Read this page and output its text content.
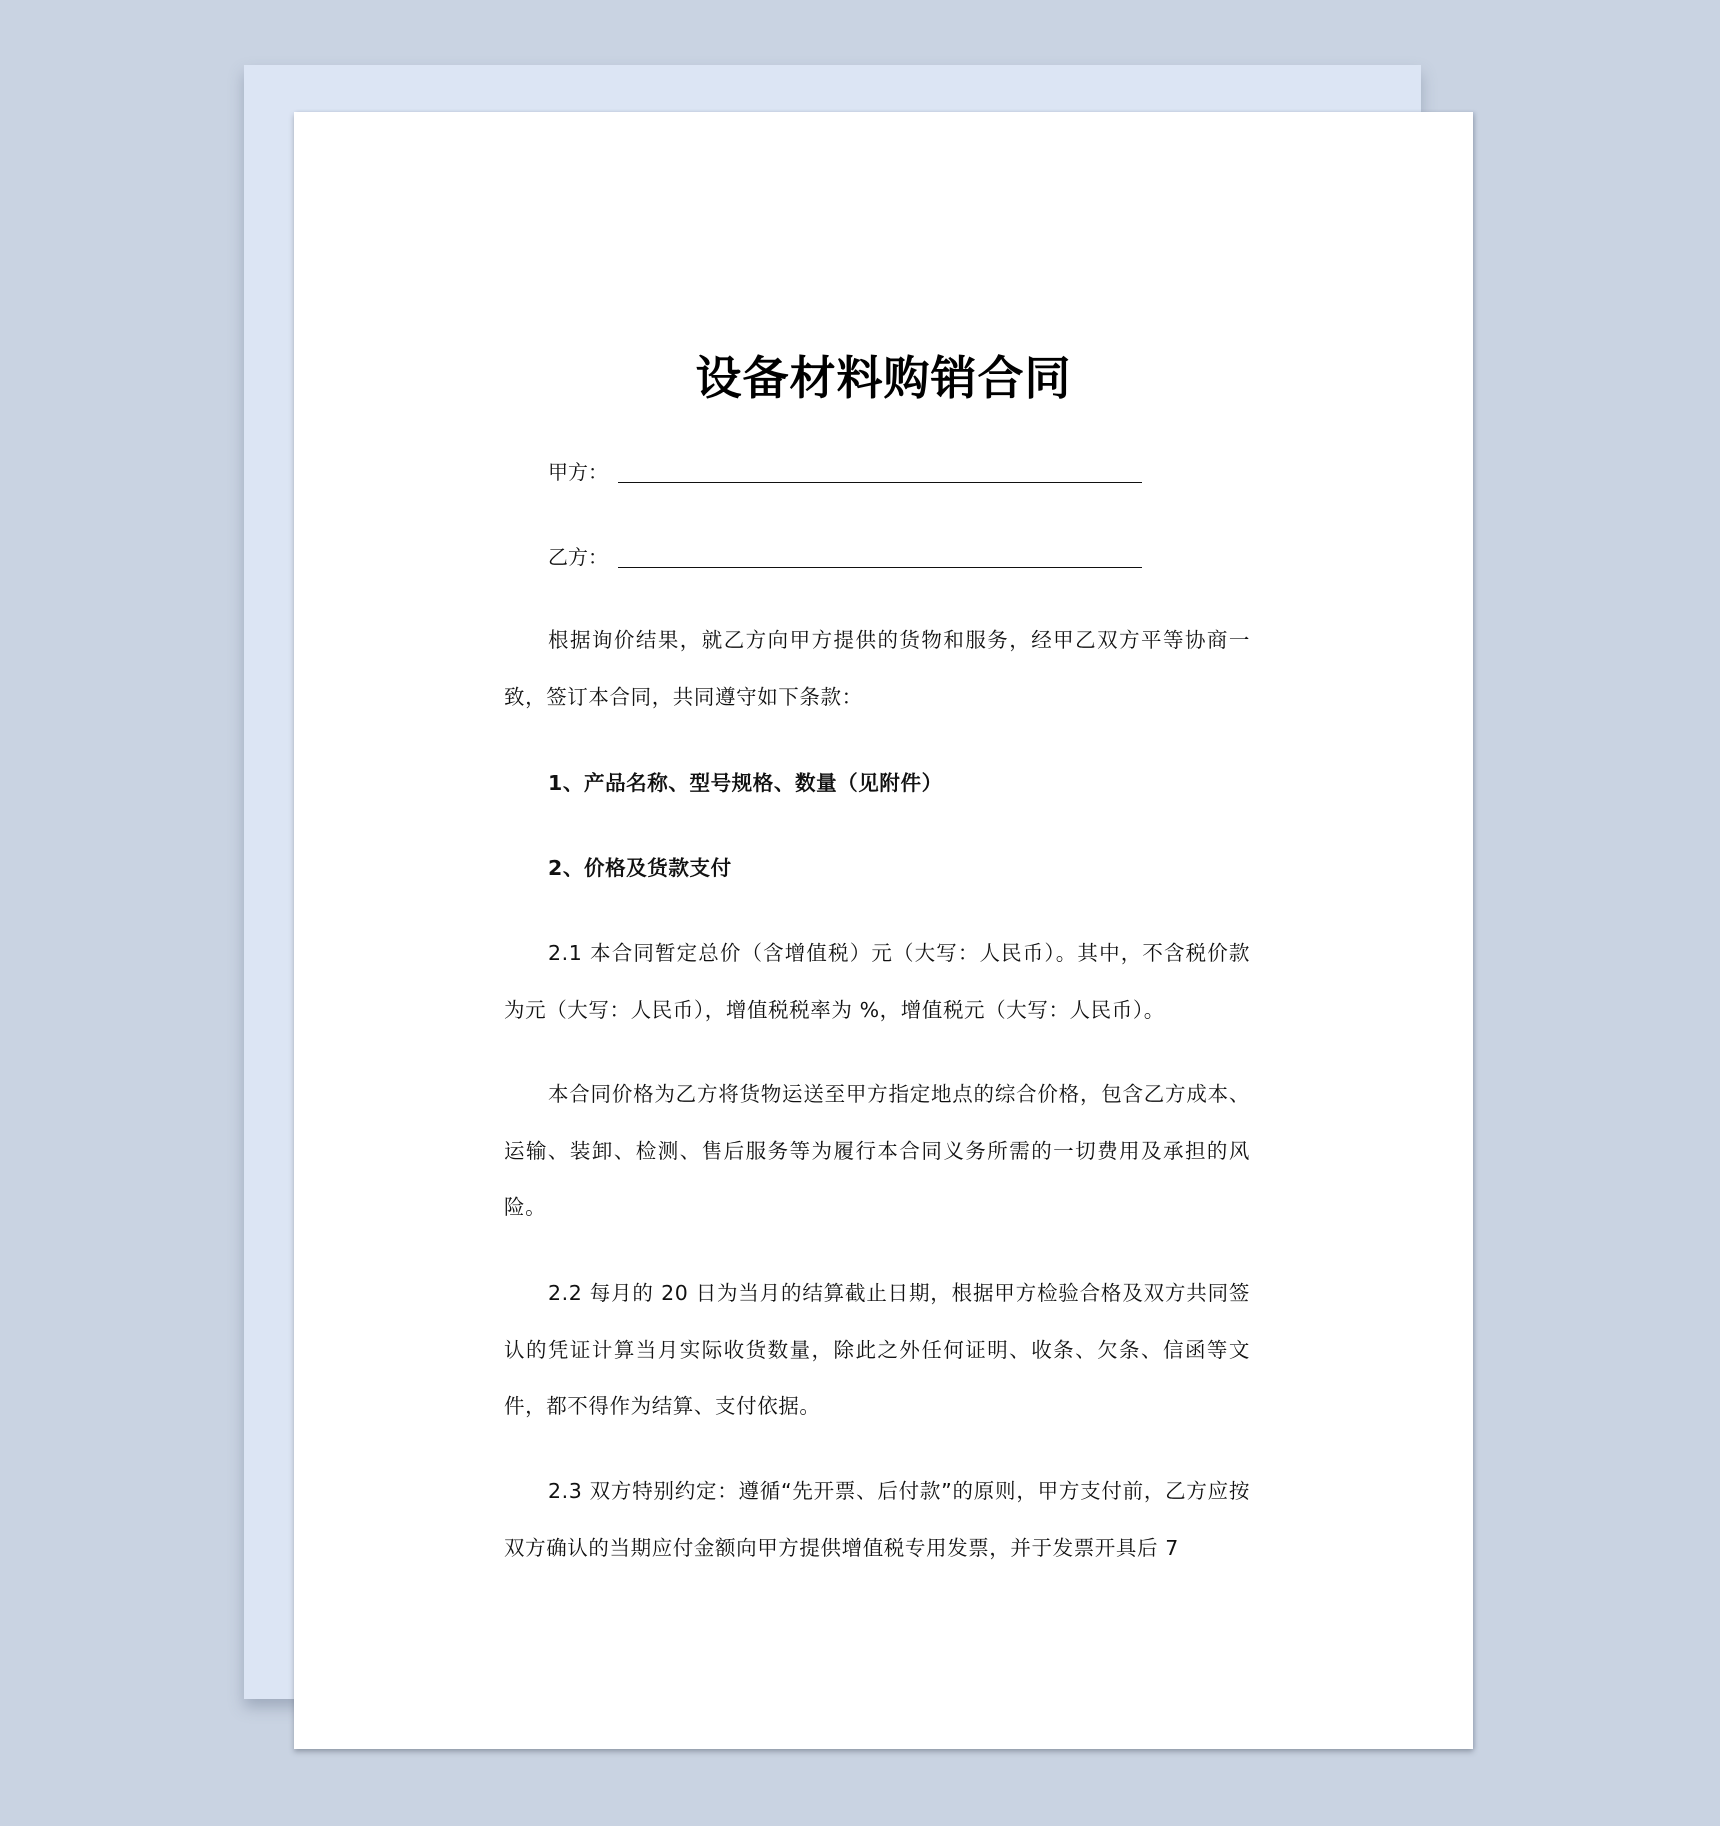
设备材料购销合同
甲方：
乙方：

根据询价结果，就乙方向甲方提供的货物和服务，经甲乙双方平等协商一致，签订本合同，共同遵守如下条款：

1、产品名称、型号规格、数量（见附件）

2、价格及货款支付

2.1 本合同暂定总价（含增值税）元（大写：人民币）。其中，不含税价款为元（大写：人民币），增值税税率为 %，增值税元（大写：人民币）。

本合同价格为乙方将货物运送至甲方指定地点的综合价格，包含乙方成本、运输、装卸、检测、售后服务等为履行本合同义务所需的一切费用及承担的风险。

2.2 每月的 20 日为当月的结算截止日期，根据甲方检验合格及双方共同签认的凭证计算当月实际收货数量，除此之外任何证明、收条、欠条、信函等文件，都不得作为结算、支付依据。

2.3 双方特别约定：遵循“先开票、后付款”的原则，甲方支付前，乙方应按双方确认的当期应付金额向甲方提供增值税专用发票，并于发票开具后 7
